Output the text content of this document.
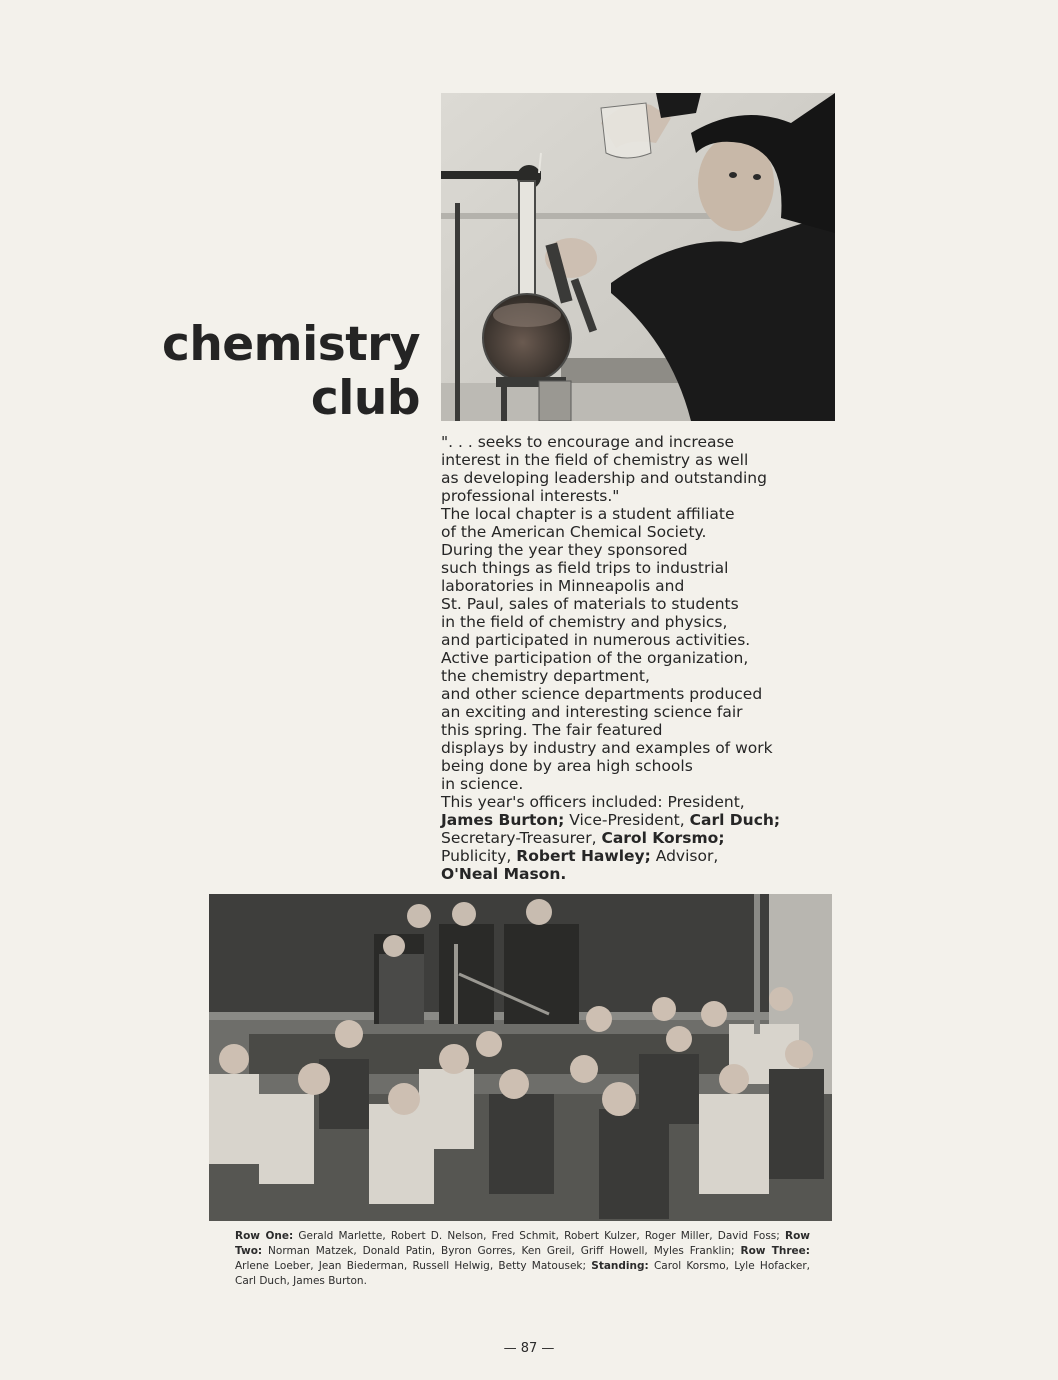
chemistry
club
". . . seeks to encourage and increase
interest in the field of chemistry as well
as developing leadership and outstanding
professional interests."
The local chapter is a student affiliate
of the American Chemical Society.
During the year they sponsored
such things as field trips to industrial
laboratories in Minneapolis and
St. Paul, sales of materials to students
in the field of chemistry and physics,
and participated in numerous activities.
Active participation of the organization,
the chemistry department,
and other science departments produced
an exciting and interesting science fair
this spring. The fair featured
displays by industry and examples of work
being done by area high schools
in science.
This year's officers included: President,
James Burton; Vice-President, Carl Duch;
Secretary-Treasurer, Carol Korsmo;
Publicity, Robert Hawley; Advisor,
O'Neal Mason.
Row One: Gerald Marlette, Robert D. Nelson, Fred Schmit, Robert Kulzer, Roger Miller, David Foss; Row Two: Norman Matzek, Donald Patin, Byron Gorres, Ken Greil, Griff Howell, Myles Franklin; Row Three: Arlene Loeber, Jean Biederman, Russell Helwig, Betty Matousek; Standing: Carol Korsmo, Lyle Hofacker, Carl Duch, James Burton.
— 87 —
